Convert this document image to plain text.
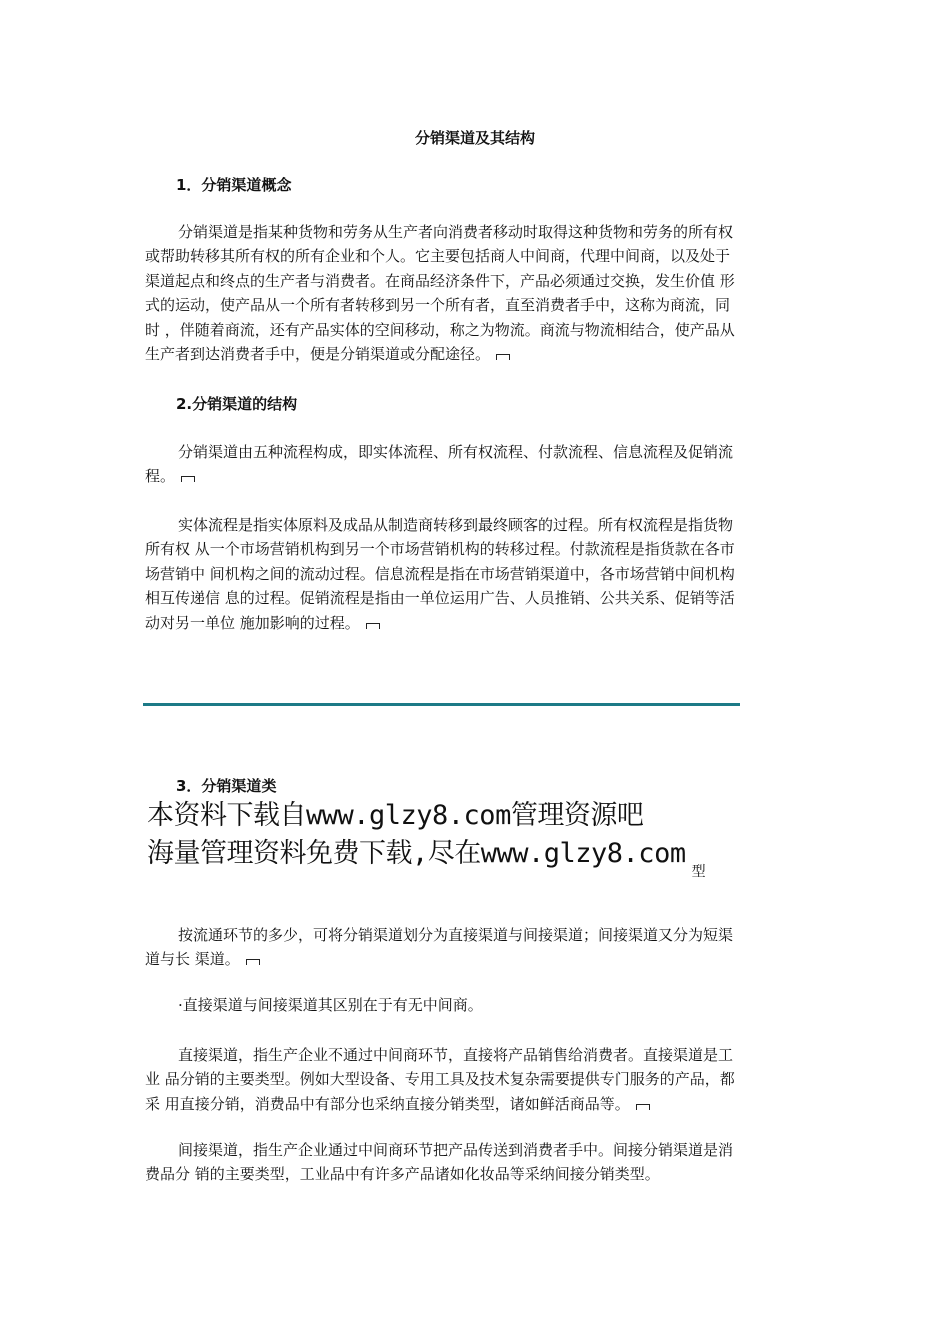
分销渠道及其结构
1．分销渠道概念
分销渠道是指某种货物和劳务从生产者向消费者移动时取得这种货物和劳务的所有权
或帮助转移其所有权的所有企业和个人。它主要包括商人中间商，代理中间商，以及处于
渠道起点和终点的生产者与消费者。在商品经济条件下，产品必须通过交换，发生价值 形
式的运动，使产品从一个所有者转移到另一个所有者，直至消费者手中，这称为商流，同
时 ，伴随着商流，还有产品实体的空间移动，称之为物流。商流与物流相结合，使产品从
生产者到达消费者手中，便是分销渠道或分配途径。
2.分销渠道的结构
分销渠道由五种流程构成，即实体流程、所有权流程、付款流程、信息流程及促销流
程。
实体流程是指实体原料及成品从制造商转移到最终顾客的过程。所有权流程是指货物
所有权 从一个市场营销机构到另一个市场营销机构的转移过程。付款流程是指货款在各市
场营销中 间机构之间的流动过程。信息流程是指在市场营销渠道中，各市场营销中间机构
相互传递信 息的过程。促销流程是指由一单位运用广告、人员推销、公共关系、促销等活
动对另一单位 施加影响的过程。
3．分销渠道类
本资料下载自www.glzy8.com管理资源吧
海量管理资料免费下载,尽在www.glzy8.com$_型$
按流通环节的多少，可将分销渠道划分为直接渠道与间接渠道；间接渠道又分为短渠
道与长 渠道。
·直接渠道与间接渠道其区别在于有无中间商。
直接渠道，指生产企业不通过中间商环节，直接将产品销售给消费者。直接渠道是工
业 品分销的主要类型。例如大型设备、专用工具及技术复杂需要提供专门服务的产品，都
采 用直接分销，消费品中有部分也采纳直接分销类型，诸如鲜活商品等。
间接渠道，指生产企业通过中间商环节把产品传送到消费者手中。间接分销渠道是消
费品分 销的主要类型，工业品中有许多产品诸如化妆品等采纳间接分销类型。
